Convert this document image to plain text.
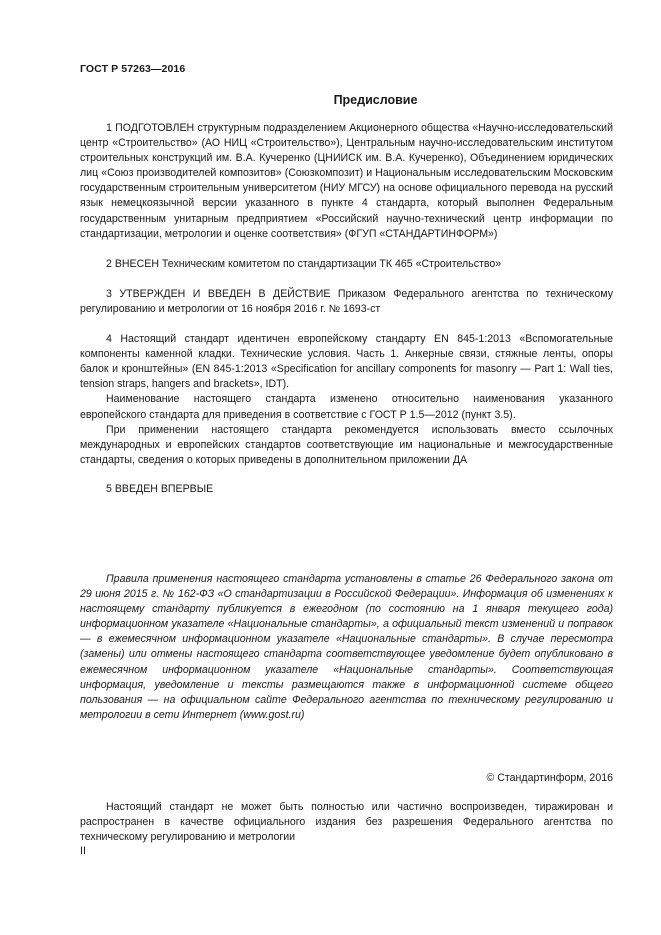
ГОСТ Р 57263—2016
Предисловие

1 ПОДГОТОВЛЕН структурным подразделением Акционерного общества «Научно-исследовательский центр «Строительство» (АО НИЦ «Строительство»), Центральным научно-исследовательским институтом строительных конструкций им. В.А. Кучеренко (ЦНИИСК им. В.А. Кучеренко), Объединением юридических лиц «Союз производителей композитов» (Союзкомпозит) и Национальным исследовательским Московским государственным строительным университетом (НИУ МГСУ) на основе официального перевода на русский язык немецкоязычной версии указанного в пункте 4 стандарта, который выполнен Федеральным государственным унитарным предприятием «Российский научно-технический центр информации по стандартизации, метрологии и оценке соответствия» (ФГУП «СТАНДАРТИНФОРМ»)

2 ВНЕСЕН Техническим комитетом по стандартизации ТК 465 «Строительство»

3 УТВЕРЖДЕН И ВВЕДЕН В ДЕЙСТВИЕ Приказом Федерального агентства по техническому регулированию и метрологии от 16 ноября 2016 г. № 1693-ст

4 Настоящий стандарт идентичен европейскому стандарту EN 845-1:2013 «Вспомогательные компоненты каменной кладки. Технические условия. Часть 1. Анкерные связи, стяжные ленты, опоры балок и кронштейны» (EN 845-1:2013 «Specification for ancillary components for masonry — Part 1: Wall ties, tension straps, hangers and brackets», IDT).

Наименование настоящего стандарта изменено относительно наименования указанного европейского стандарта для приведения в соответствие с ГОСТ Р 1.5—2012 (пункт 3.5).

При применении настоящего стандарта рекомендуется использовать вместо ссылочных международных и европейских стандартов соответствующие им национальные и межгосударственные стандарты, сведения о которых приведены в дополнительном приложении ДА

5 ВВЕДЕН ВПЕРВЫЕ

Правила применения настоящего стандарта установлены в статье 26 Федерального закона от 29 июня 2015 г. № 162-ФЗ «О стандартизации в Российской Федерации». Информация об изменениях к настоящему стандарту публикуется в ежегодном (по состоянию на 1 января текущего года) информационном указателе «Национальные стандарты», а официальный текст изменений и поправок — в ежемесячном информационном указателе «Национальные стандарты». В случае пересмотра (замены) или отмены настоящего стандарта соответствующее уведомление будет опубликовано в ежемесячном информационном указателе «Национальные стандарты». Соответствующая информация, уведомление и тексты размещаются также в информационной системе общего пользования — на официальном сайте Федерального агентства по техническому регулированию и метрологии в сети Интернет (www.gost.ru)

© Стандартинформ, 2016

Настоящий стандарт не может быть полностью или частично воспроизведен, тиражирован и распространен в качестве официального издания без разрешения Федерального агентства по техническому регулированию и метрологии

II
